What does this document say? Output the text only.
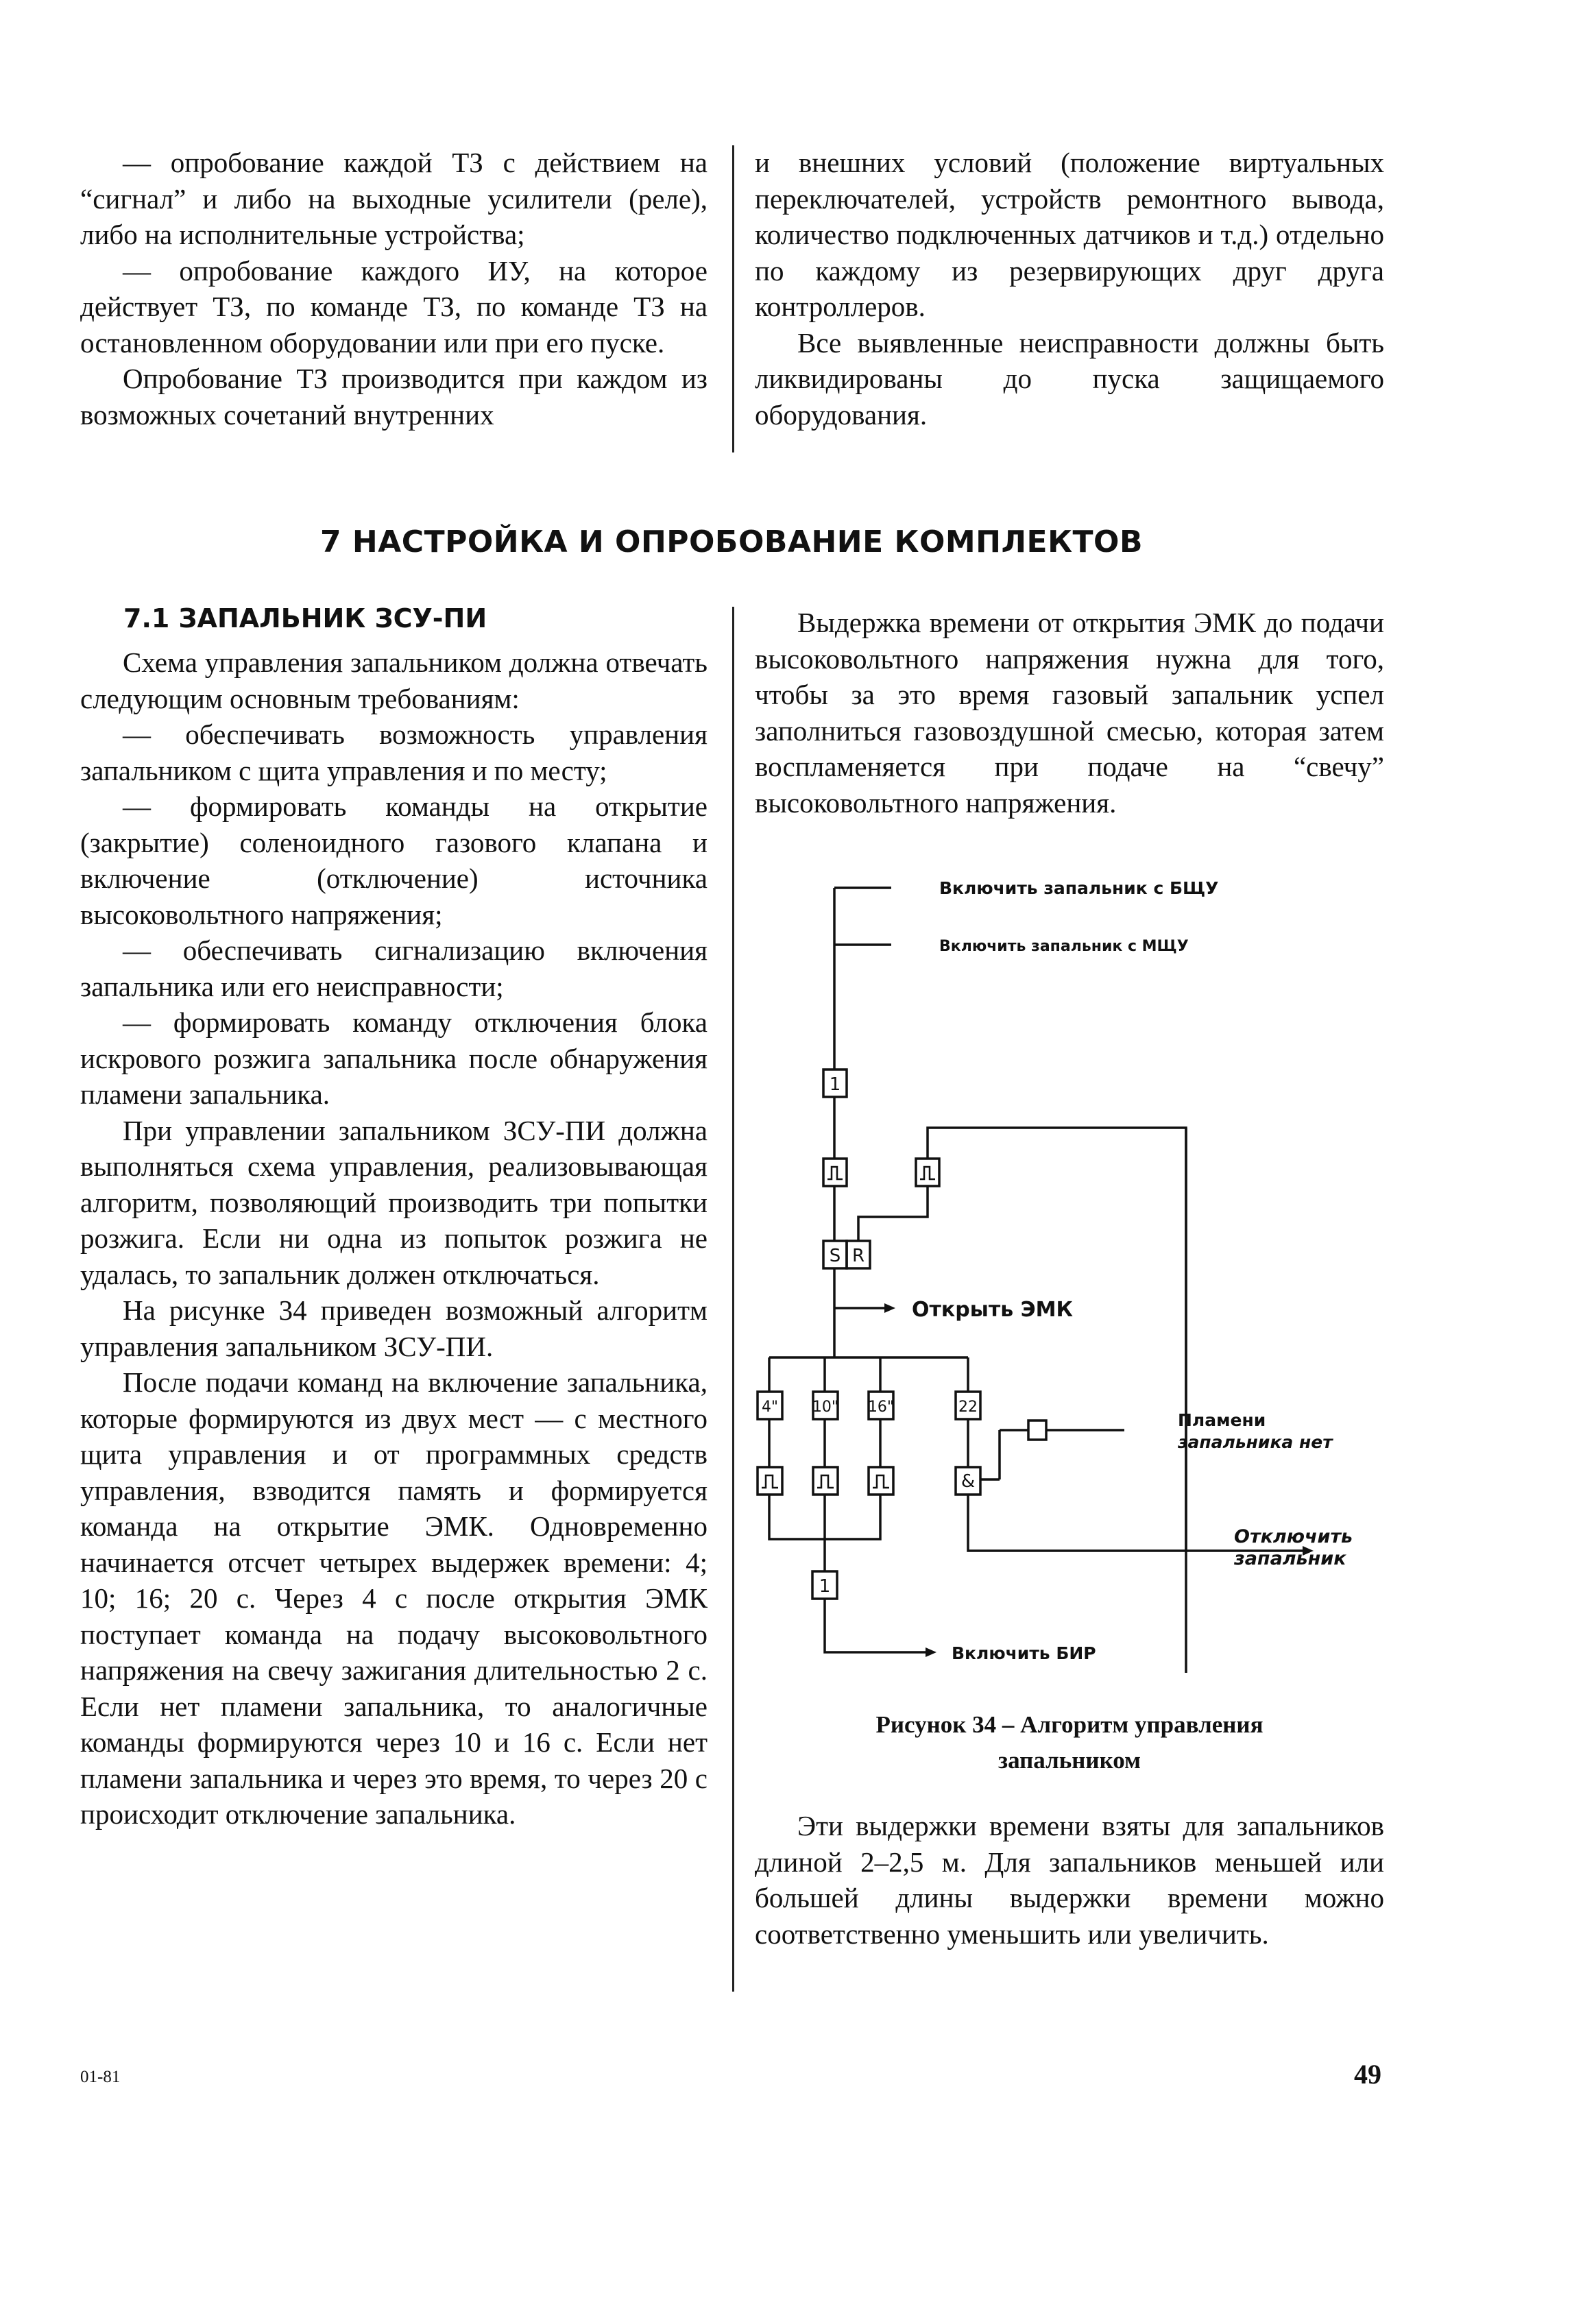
— опробование каждой ТЗ с действием на “сигнал” и либо на выходные усилители (реле), либо на исполнительные устройства;

— опробование каждого ИУ, на которое действует ТЗ, по команде ТЗ, по команде ТЗ на остановленном оборудовании или при его пуске.

Опробование ТЗ производится при каждом из возможных сочетаний внутренних

и внешних условий (положение виртуальных переключателей, устройств ремонтного вывода, количество подключенных датчиков и т.д.) отдельно по каждому из резервирующих друг друга контроллеров.

Все выявленные неисправности должны быть ликвидированы до пуска защищаемого оборудования.

7 НАСТРОЙКА И ОПРОБОВАНИЕ КОМПЛЕКТОВ
7.1 ЗАПАЛЬНИК ЗСУ-ПИ

Схема управления запальником должна отвечать следующим основным требованиям:

— обеспечивать возможность управления запальником с щита управления и по месту;

— формировать команды на открытие (закрытие) соленоидного газового клапана и включение (отключение) источника высоковольтного напряжения;

— обеспечивать сигнализацию включения запальника или его неисправности;

— формировать команду отключения блока искрового розжига запальника после обнаружения пламени запальника.

При управлении запальником ЗСУ-ПИ должна выполняться схема управления, реализовывающая алгоритм, позволяющий производить три попытки розжига. Если ни одна из попыток розжига не удалась, то запальник должен отключаться.

На рисунке 34 приведен возможный алгоритм управления запальником ЗСУ-ПИ.

После подачи команд на включение запальника, которые формируются из двух мест — с местного щита управления и от программных средств управления, взводится память и формируется команда на открытие ЭМК. Одновременно начинается отсчет четырех выдержек времени: 4; 10; 16; 20 с. Через 4 с после открытия ЭМК поступает команда на подачу высоковольтного напряжения на свечу зажигания длительностью 2 с. Если нет пламени запальника, то аналогичные команды формируются через 10 и 16 с. Если нет пламени запальника и через это время, то через 20 с происходит отключение запальника.

Выдержка времени от открытия ЭМК до подачи высоковольтного напряжения нужна для того, чтобы за это время газовый запальник успел заполниться газовоздушной смесью, которая затем воспламеняется при подаче на “свечу” высоковольтного напряжения.

1
S R
4" 10" 16"	22
&
1
Включить запальник с БЩУ
Включить запальник с МЩУ
Открыть ЭМК
Пламени
запальника нет
Отключить
запальник
Включить БИР
Рисунок 34 – Алгоритм управления
запальником

Эти выдержки времени взяты для запальников длиной 2–2,5 м. Для запальников меньшей или большей длины выдержки времени можно соответственно уменьшить или увеличить.

01-81	49
